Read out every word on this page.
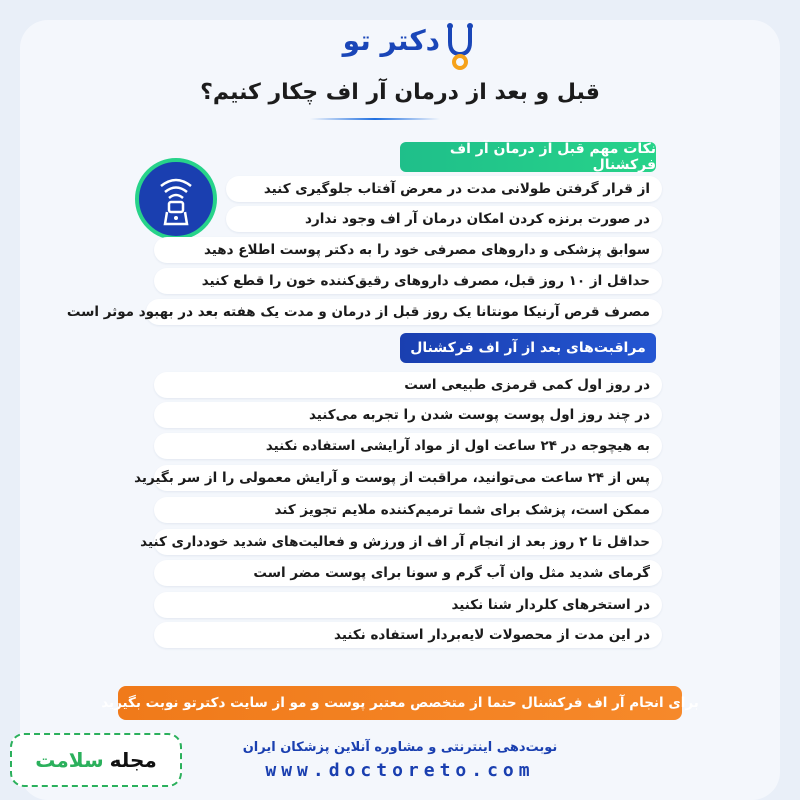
دکتر تو
قبل و بعد از درمان آر اف چکار کنیم؟
نکات مهم قبل از درمان آر اف فرکشنال
از قرار گرفتن طولانی مدت در معرض آفتاب جلوگیری کنید
در صورت برنزه کردن امکان درمان آر اف وجود ندارد
سوابق پزشکی و داروهای مصرفی خود را به دکتر پوست اطلاع دهید
حداقل از ۱۰ روز قبل، مصرف داروهای رقیق‌کننده خون را قطع کنید
مصرف قرص آرنیکا مونتانا یک روز قبل از درمان و مدت یک هفته بعد در بهبود موثر است
مراقبت‌های بعد از آر اف فرکشنال
در روز اول کمی قرمزی طبیعی است
در چند روز اول پوست پوست شدن را تجربه می‌کنید
به هیچوجه در ۲۴ ساعت اول از مواد آرایشی استفاده نکنید
پس از ۲۴ ساعت می‌توانید، مراقبت از پوست و آرایش معمولی را از سر بگیرید
ممکن است، پزشک برای شما ترمیم‌کننده ملایم تجویز کند
حداقل تا ۲ روز بعد از انجام آر اف از ورزش و فعالیت‌های شدید خودداری کنید
گرمای شدید مثل وان آب گرم و سونا برای پوست مضر است
در استخرهای کلردار شنا نکنید
در این مدت از محصولات لایه‌بردار استفاده نکنید
برای انجام آر اف فرکشنال حتما از متخصص معتبر پوست و مو از سایت دکترتو نوبت بگیرید
نوبت‌دهی اینترنتی و مشاوره آنلاین پزشکان ایران
www.doctoreto.com
مجله
سلامت
